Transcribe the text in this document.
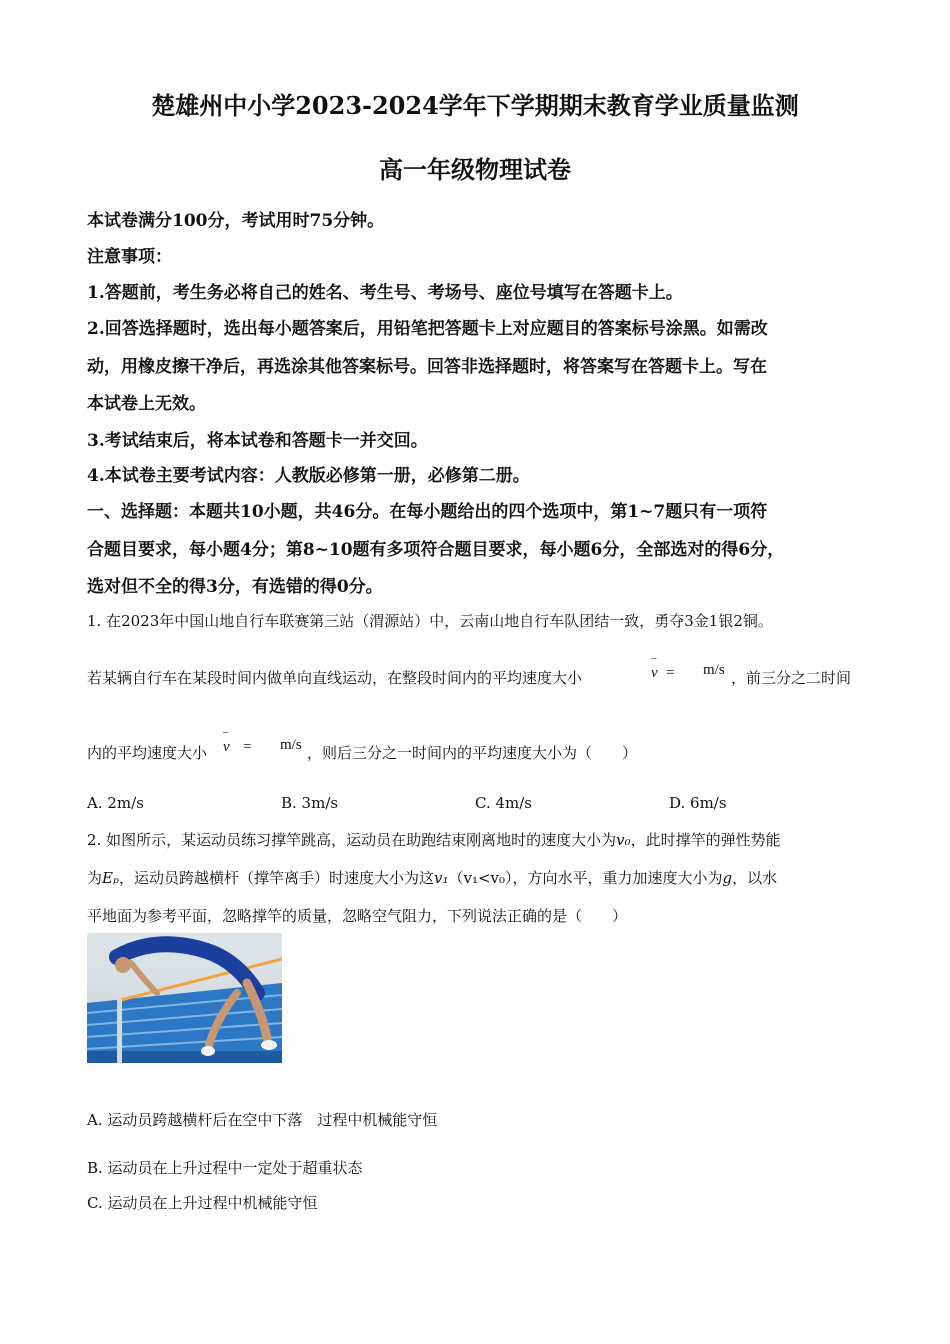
楚雄州中小学2023-2024学年下学期期末教育学业质量监测
高一年级物理试卷
本试卷满分100分，考试用时75分钟。
注意事项：
1.答题前，考生务必将自己的姓名、考生号、考场号、座位号填写在答题卡上。
2.回答选择题时，选出每小题答案后，用铅笔把答题卡上对应题目的答案标号涂黑。如需改
动，用橡皮擦干净后，再选涂其他答案标号。回答非选择题时，将答案写在答题卡上。写在
本试卷上无效。
3.考试结束后，将本试卷和答题卡一并交回。
4.本试卷主要考试内容：人教版必修第一册，必修第二册。
一、选择题：本题共10小题，共46分。在每小题给出的四个选项中，第1~7题只有一项符
合题目要求，每小题4分；第8~10题有多项符合题目要求，每小题6分，全部选对的得6分，
选对但不全的得3分，有选错的得0分。
1. 在2023年中国山地自行车联赛第三站（渭源站）中，云南山地自行车队团结一致，勇夺3金1银2铜。
若某辆自行车在某段时间内做单向直线运动，在整段时间内的平均速度大小
–
v = m/s ，前三分之二时间
内的平均速度大小
–
v = m/s ，则后三分之一时间内的平均速度大小为（　　）
A. 2m/s	B. 3m/s	C. 4m/s	D. 6m/s
2. 如图所示，某运动员练习撑竿跳高，运动员在助跑结束刚离地时的速度大小为v₀，此时撑竿的弹性势能
为Eₚ，运动员跨越横杆（撑竿离手）时速度大小为这v₁（v₁<v₀），方向水平，重力加速度大小为g，以水
平地面为参考平面，忽略撑竿的质量，忽略空气阻力，下列说法正确的是（　　）
A. 运动员跨越横杆后在空中下落　过程中机械能守恒
B. 运动员在上升过程中一定处于超重状态
C. 运动员在上升过程中机械能守恒
